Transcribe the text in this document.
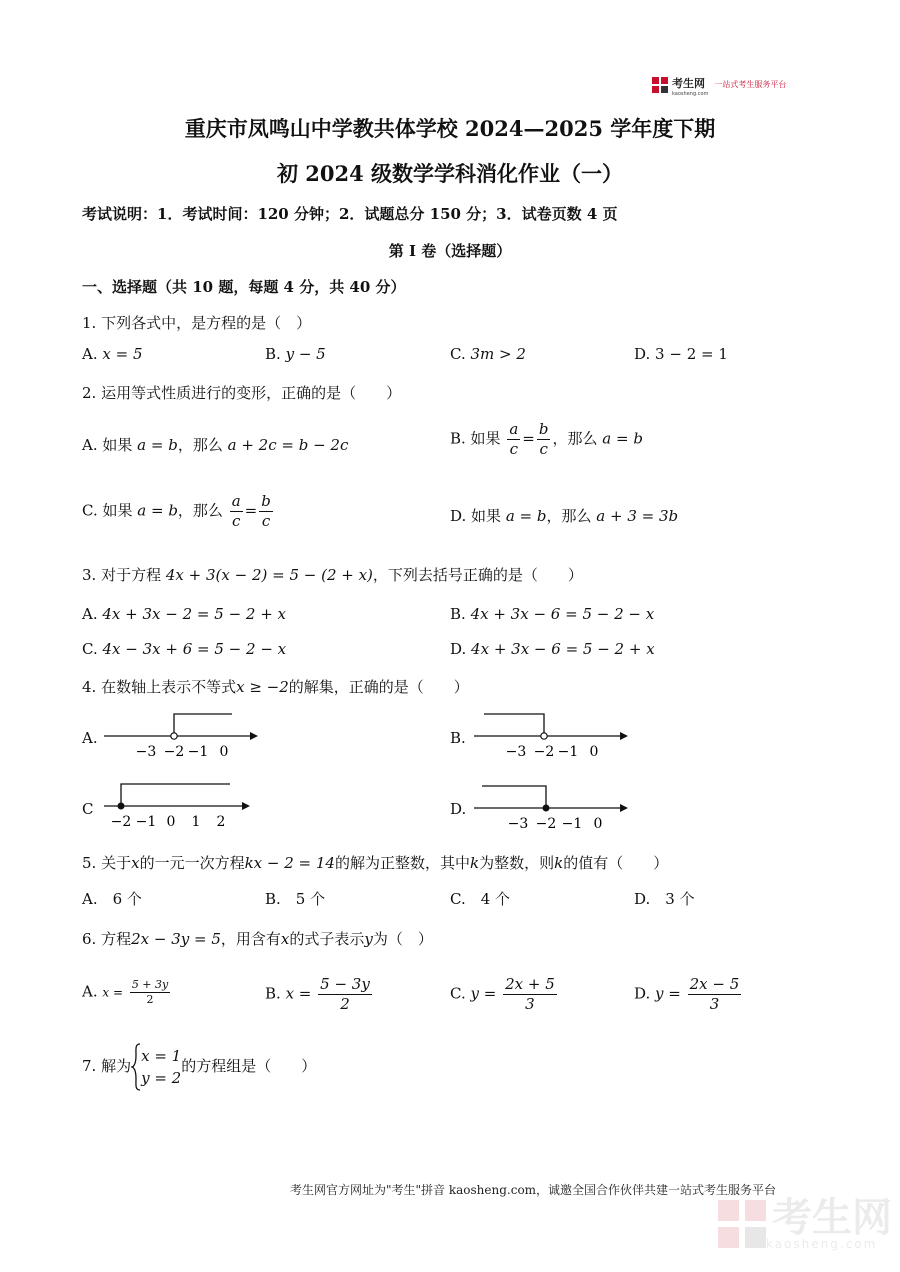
考生网
kaosheng.com
一站式考生服务平台
重庆市凤鸣山中学教共体学校 2024—2025 学年度下期
初 2024 级数学学科消化作业（一）
考试说明：1．考试时间：120 分钟；2．试题总分 150 分；3．试卷页数 4 页
第 I 卷（选择题）
一、选择题（共 10 题，每题 4 分，共 40 分）
1. 下列各式中，是方程的是（　）
A. x = 5	B. y − 5	C. 3m > 2	D. 3 − 2 = 1
2. 运用等式性质进行的变形，正确的是（　　）
A. 如果 a = b，那么 a + 2c = b − 2c	B. 如果 $\frac{a}{c} = \frac{b}{c}$ ，那么 a = b
C. 如果 a = b，那么 $\frac{a}{c} = \frac{b}{c}$	D. 如果 a = b，那么 a + 3 = 3b
3. 对于方程 4x + 3(x − 2) = 5 − (2 + x)，下列去括号正确的是（　　）
A. 4x + 3x − 2 = 5 − 2 + x	B. 4x + 3x − 6 = 5 − 2 − x
C. 4x − 3x + 6 = 5 − 2 − x	D. 4x + 3x − 6 = 5 − 2 + x
4. 在数轴上表示不等式x ≥ −2的解集，正确的是（　　）
A.
−3 −2 −1 0
B.
−3 −2 −1 0
C
−2 −1 0 1 2
D.
−3 −2 −1 0
5. 关于x的一元一次方程kx − 2 = 14的解为正整数，其中k为整数，则k的值有（　　）
A.　6 个	B.　5 个	C.　4 个	D.　3 个
6. 方程2x − 3y = 5，用含有x的式子表示y为（　）
A. $x = \frac{5 + 3y}{2}$	B. $x = \frac{5 - 3y}{2}$	C. $y = \frac{2x + 5}{3}$	D. $y = \frac{2x - 5}{3}$
7. 解为
x = 1
y = 2
的方程组是（　　）
考生网官方网址为"考生"拼音 kaosheng.com，诚邀全国合作伙伴共建一站式考生服务平台
考生网
kaosheng.com
